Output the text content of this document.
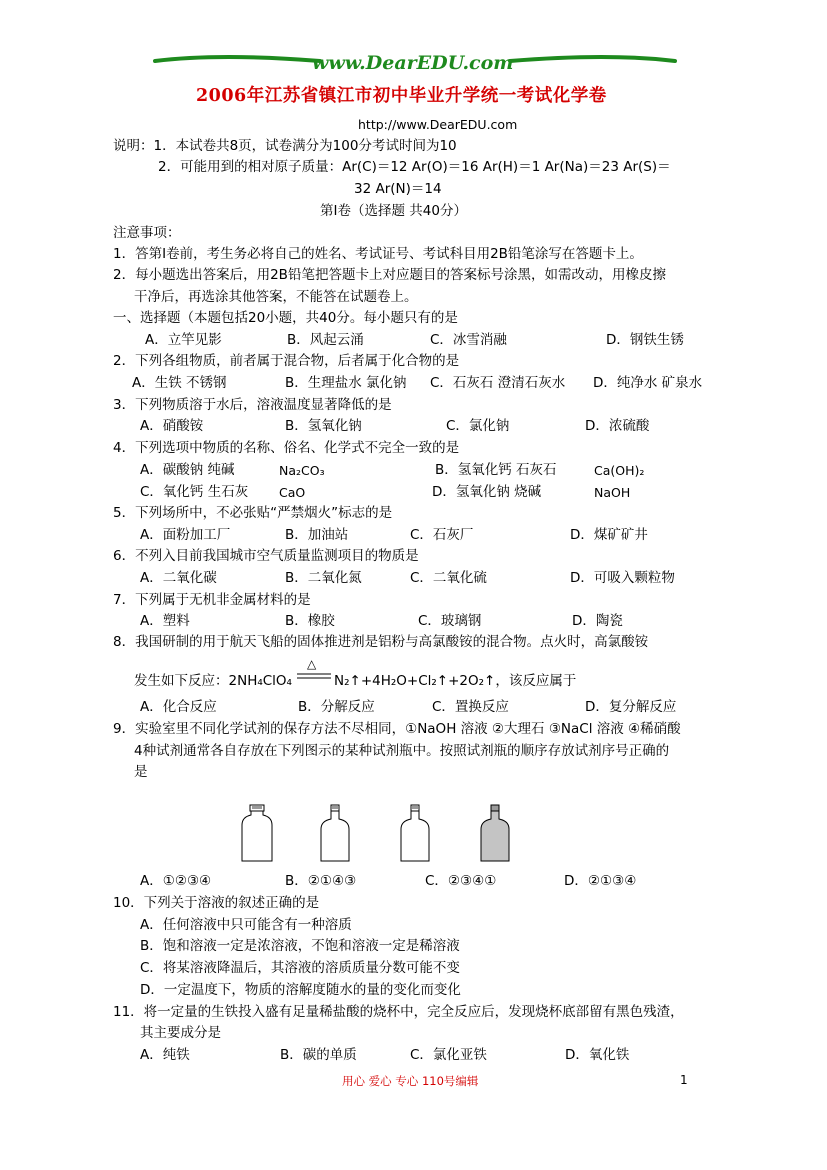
www.DearEDU.com
2006年江苏省镇江市初中毕业升学统一考试化学卷
http://www.DearEDU.com
说明：1．本试卷共8页，试卷满分为100分考试时间为10
2．可能用到的相对原子质量：Ar(C)＝12 Ar(O)＝16 Ar(H)＝1 Ar(Na)＝23 Ar(S)＝
32 Ar(N)＝14
第Ⅰ卷（选择题 共40分）
注意事项：
1．答第Ⅰ卷前，考生务必将自己的姓名、考试证号、考试科目用2B铅笔涂写在答题卡上。
2．每小题选出答案后，用2B铅笔把答题卡上对应题目的答案标号涂黑，如需改动，用橡皮擦
干净后，再选涂其他答案，不能答在试题卷上。
一、选择题（本题包括20小题，共40分。每小题只有的是
A．立竿见影	B．风起云涌	C．冰雪消融	D．钢铁生锈
2．下列各组物质，前者属于混合物，后者属于化合物的是
A．生铁 不锈钢	B．生理盐水 氯化钠 C．石灰石 澄清石灰水 D．纯净水 矿泉水
3．下列物质溶于水后，溶液温度显著降低的是
A．硝酸铵	B．氢氧化钠	C．氯化钠	D．浓硫酸
4．下列选项中物质的名称、俗名、化学式不完全一致的是
A．碳酸钠 纯碱	Na₂CO₃	B．氢氧化钙 石灰石	Ca(OH)₂
C．氧化钙 生石灰 CaO	D．氢氧化钠 烧碱	NaOH
5．下列场所中，不必张贴“严禁烟火”标志的是
A．面粉加工厂	B．加油站	C．石灰厂	D．煤矿矿井
6．不列入目前我国城市空气质量监测项目的物质是
A．二氧化碳	B．二氧化氮	C．二氧化硫	D．可吸入颗粒物
7．下列属于无机非金属材料的是
A．塑料	B．橡胶	C．玻璃钢	D．陶瓷
8．我国研制的用于航天飞船的固体推进剂是铝粉与高氯酸铵的混合物。点火时，高氯酸铵
发生如下反应：2NH₄ClO₄
△
N₂↑+4H₂O+Cl₂↑+2O₂↑，该反应属于
A．化合反应	B．分解反应	C．置换反应	D．复分解反应
9．实验室里不同化学试剂的保存方法不尽相同，①NaOH 溶液 ②大理石 ③NaCl 溶液 ④稀硝酸
4种试剂通常各自存放在下列图示的某种试剂瓶中。按照试剂瓶的顺序存放试剂序号正确的
是
A．①②③④	B．②①④③	C．②③④①	D．②①③④
10．下列关于溶液的叙述正确的是
A．任何溶液中只可能含有一种溶质
B．饱和溶液一定是浓溶液，不饱和溶液一定是稀溶液
C．将某溶液降温后，其溶液的溶质质量分数可能不变
D．一定温度下，物质的溶解度随水的量的变化而变化
11．将一定量的生铁投入盛有足量稀盐酸的烧杯中，完全反应后，发现烧杯底部留有黑色残渣，
其主要成分是
A．纯铁	B．碳的单质	C．氯化亚铁	D．氧化铁
用心 爱心 专心 110号编辑	1
